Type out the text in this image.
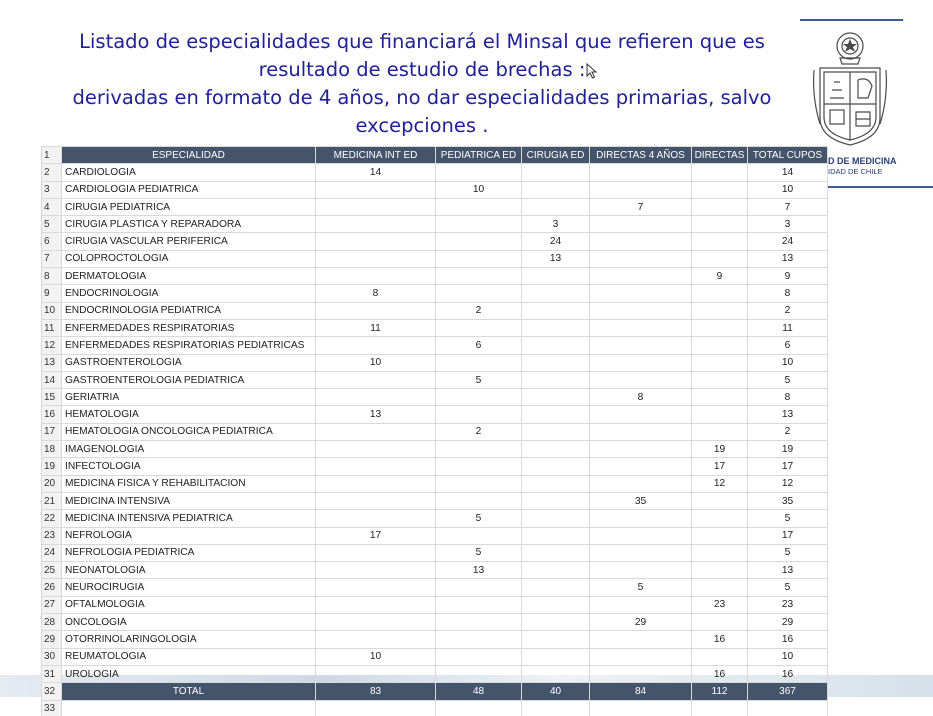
Listado de especialidades que financiará el Minsal que refieren que es
resultado de estudio de brechas :
derivadas en formato de 4 años, no dar especialidades primarias, salvo
excepciones .
D DE MEDICINA
IDAD DE CHILE
1	ESPECIALIDAD	MEDICINA INT ED	PEDIATRICA ED	CIRUGIA ED	DIRECTAS 4 AÑOS	DIRECTAS	TOTAL CUPOS
2	CARDIOLOGIA	14					14
3	CARDIOLOGIA PEDIATRICA		10				10
4	CIRUGIA PEDIATRICA				7		7
5	CIRUGIA PLASTICA Y REPARADORA			3			3
6	CIRUGIA VASCULAR PERIFERICA			24			24
7	COLOPROCTOLOGIA			13			13
8	DERMATOLOGIA					9	9
9	ENDOCRINOLOGIA	8					8
10	ENDOCRINOLOGIA PEDIATRICA		2				2
11	ENFERMEDADES RESPIRATORIAS	11					11
12	ENFERMEDADES RESPIRATORIAS PEDIATRICAS		6				6
13	GASTROENTEROLOGIA	10					10
14	GASTROENTEROLOGIA PEDIATRICA		5				5
15	GERIATRIA				8		8
16	HEMATOLOGIA	13					13
17	HEMATOLOGIA ONCOLOGICA PEDIATRICA		2				2
18	IMAGENOLOGIA					19	19
19	INFECTOLOGIA					17	17
20	MEDICINA FISICA Y REHABILITACION					12	12
21	MEDICINA INTENSIVA				35		35
22	MEDICINA INTENSIVA PEDIATRICA		5				5
23	NEFROLOGIA	17					17
24	NEFROLOGIA PEDIATRICA		5				5
25	NEONATOLOGIA		13				13
26	NEUROCIRUGIA				5		5
27	OFTALMOLOGIA					23	23
28	ONCOLOGIA				29		29
29	OTORRINOLARINGOLOGIA					16	16
30	REUMATOLOGIA	10					10
31	UROLOGIA					16	16
32	TOTAL	83	48	40	84	112	367
33							
